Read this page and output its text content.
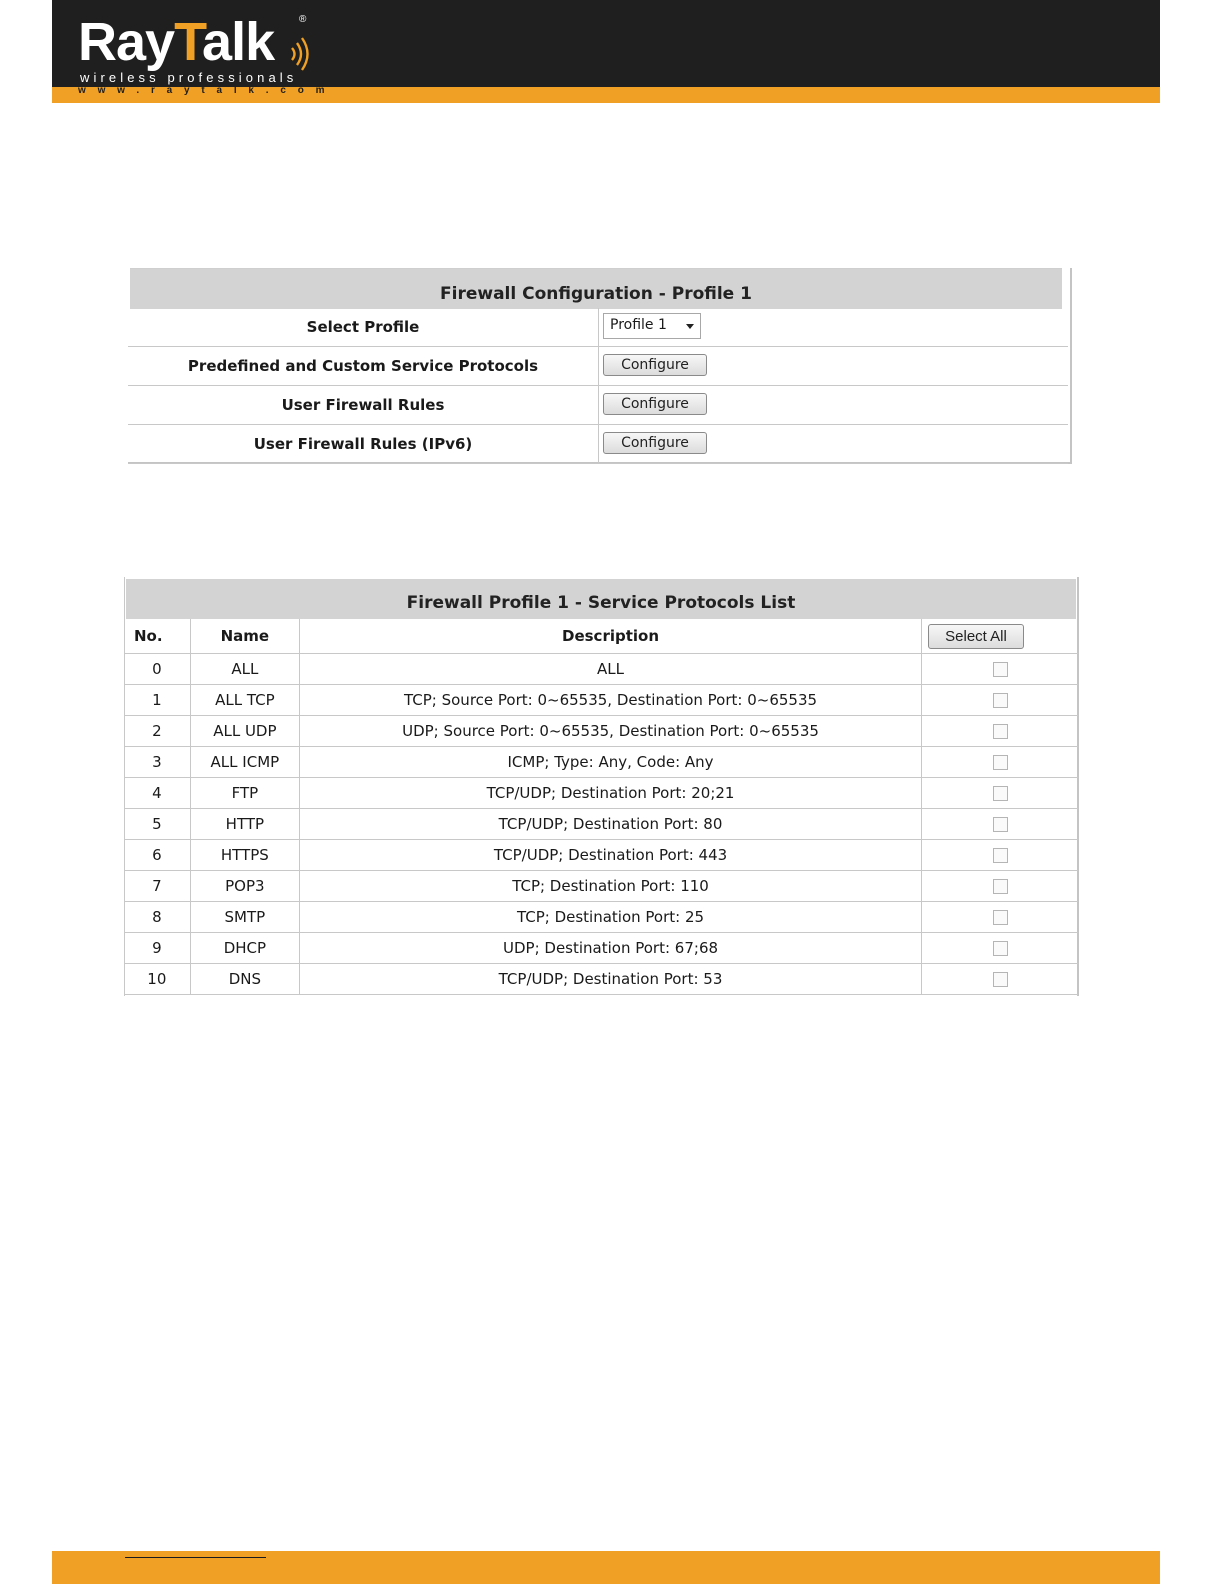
RayTalk ®
wireless professionals
www.raytalk.com
Firewall Configuration - Profile 1
Select Profile	Profile 1
Predefined and Custom Service Protocols	Configure
User Firewall Rules	Configure
User Firewall Rules (IPv6)	Configure
Firewall Profile 1 - Service Protocols List
No.	Name	Description	Select All
0	ALL	ALL	
1	ALL TCP	TCP; Source Port: 0~65535, Destination Port: 0~65535	
2	ALL UDP	UDP; Source Port: 0~65535, Destination Port: 0~65535	
3	ALL ICMP	ICMP; Type: Any, Code: Any	
4	FTP	TCP/UDP; Destination Port: 20;21	
5	HTTP	TCP/UDP; Destination Port: 80	
6	HTTPS	TCP/UDP; Destination Port: 443	
7	POP3	TCP; Destination Port: 110	
8	SMTP	TCP; Destination Port: 25	
9	DHCP	UDP; Destination Port: 67;68	
10	DNS	TCP/UDP; Destination Port: 53	
